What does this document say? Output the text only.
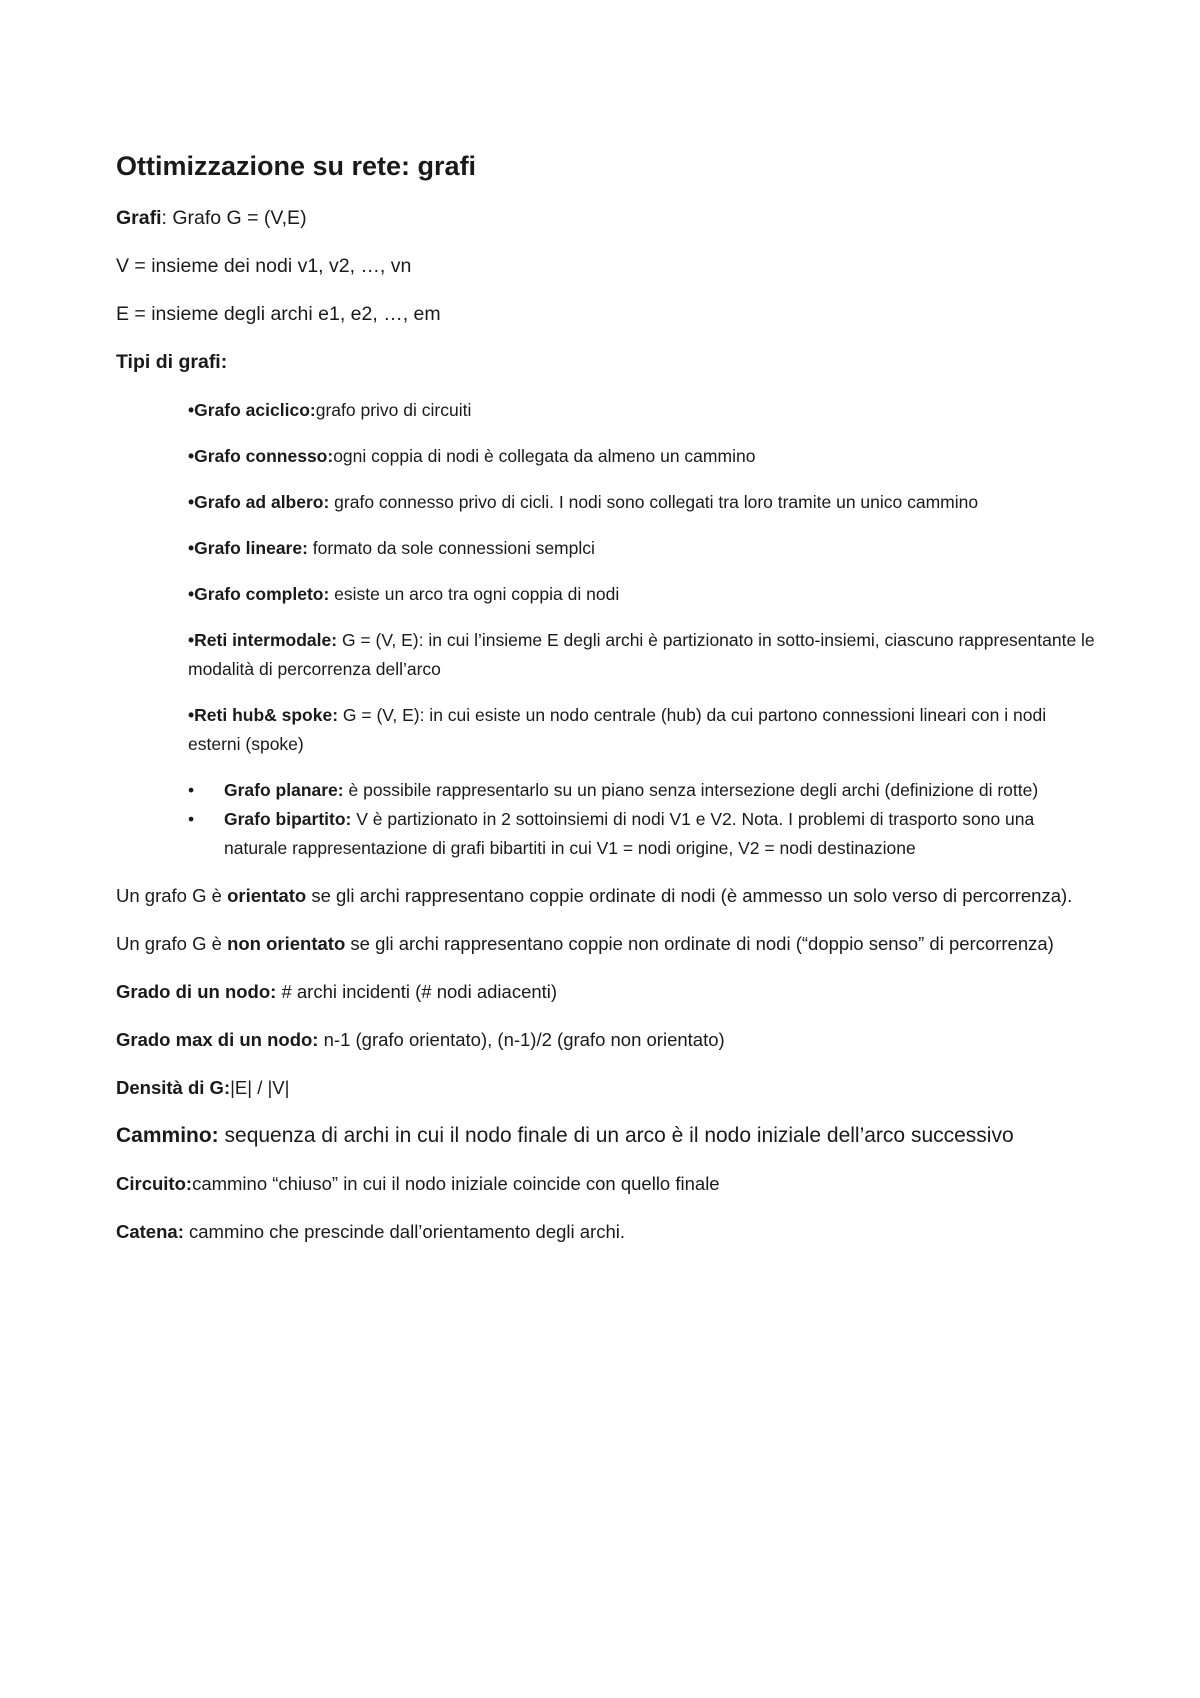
Ottimizzazione su rete: grafi
Grafi: Grafo G = (V,E)
V = insieme dei nodi v1, v2, …, vn
E = insieme degli archi e1, e2, …, em
Tipi di grafi:
•Grafo aciclico:grafo privo di circuiti
•Grafo connesso:ogni coppia di nodi è collegata da almeno un cammino
•Grafo ad albero: grafo connesso privo di cicli. I nodi sono collegati tra loro tramite un unico cammino
•Grafo lineare: formato da sole connessioni semplci
•Grafo completo: esiste un arco tra ogni coppia di nodi
•Reti intermodale: G = (V, E): in cui l’insieme E degli archi è partizionato in sotto-insiemi, ciascuno rappresentante le modalità di percorrenza dell’arco
•Reti hub& spoke: G = (V, E): in cui esiste un nodo centrale (hub) da cui partono connessioni lineari con i nodi esterni (spoke)
• Grafo planare: è possibile rappresentarlo su un piano senza intersezione degli archi (definizione di rotte)
• Grafo bipartito: V è partizionato in 2 sottoinsiemi di nodi V1 e V2. Nota. I problemi di trasporto sono una naturale rappresentazione di grafi bibartiti in cui V1 = nodi origine, V2 = nodi destinazione
Un grafo G è orientato se gli archi rappresentano coppie ordinate di nodi (è ammesso un solo verso di percorrenza).
Un grafo G è non orientato se gli archi rappresentano coppie non ordinate di nodi (“doppio senso” di percorrenza)
Grado di un nodo: # archi incidenti (# nodi adiacenti)
Grado max di un nodo: n-1 (grafo orientato), (n-1)/2 (grafo non orientato)
Densità di G:|E| / |V|
Cammino: sequenza di archi in cui il nodo finale di un arco è il nodo iniziale dell’arco successivo
Circuito:cammino “chiuso” in cui il nodo iniziale coincide con quello finale
Catena: cammino che prescinde dall’orientamento degli archi.
